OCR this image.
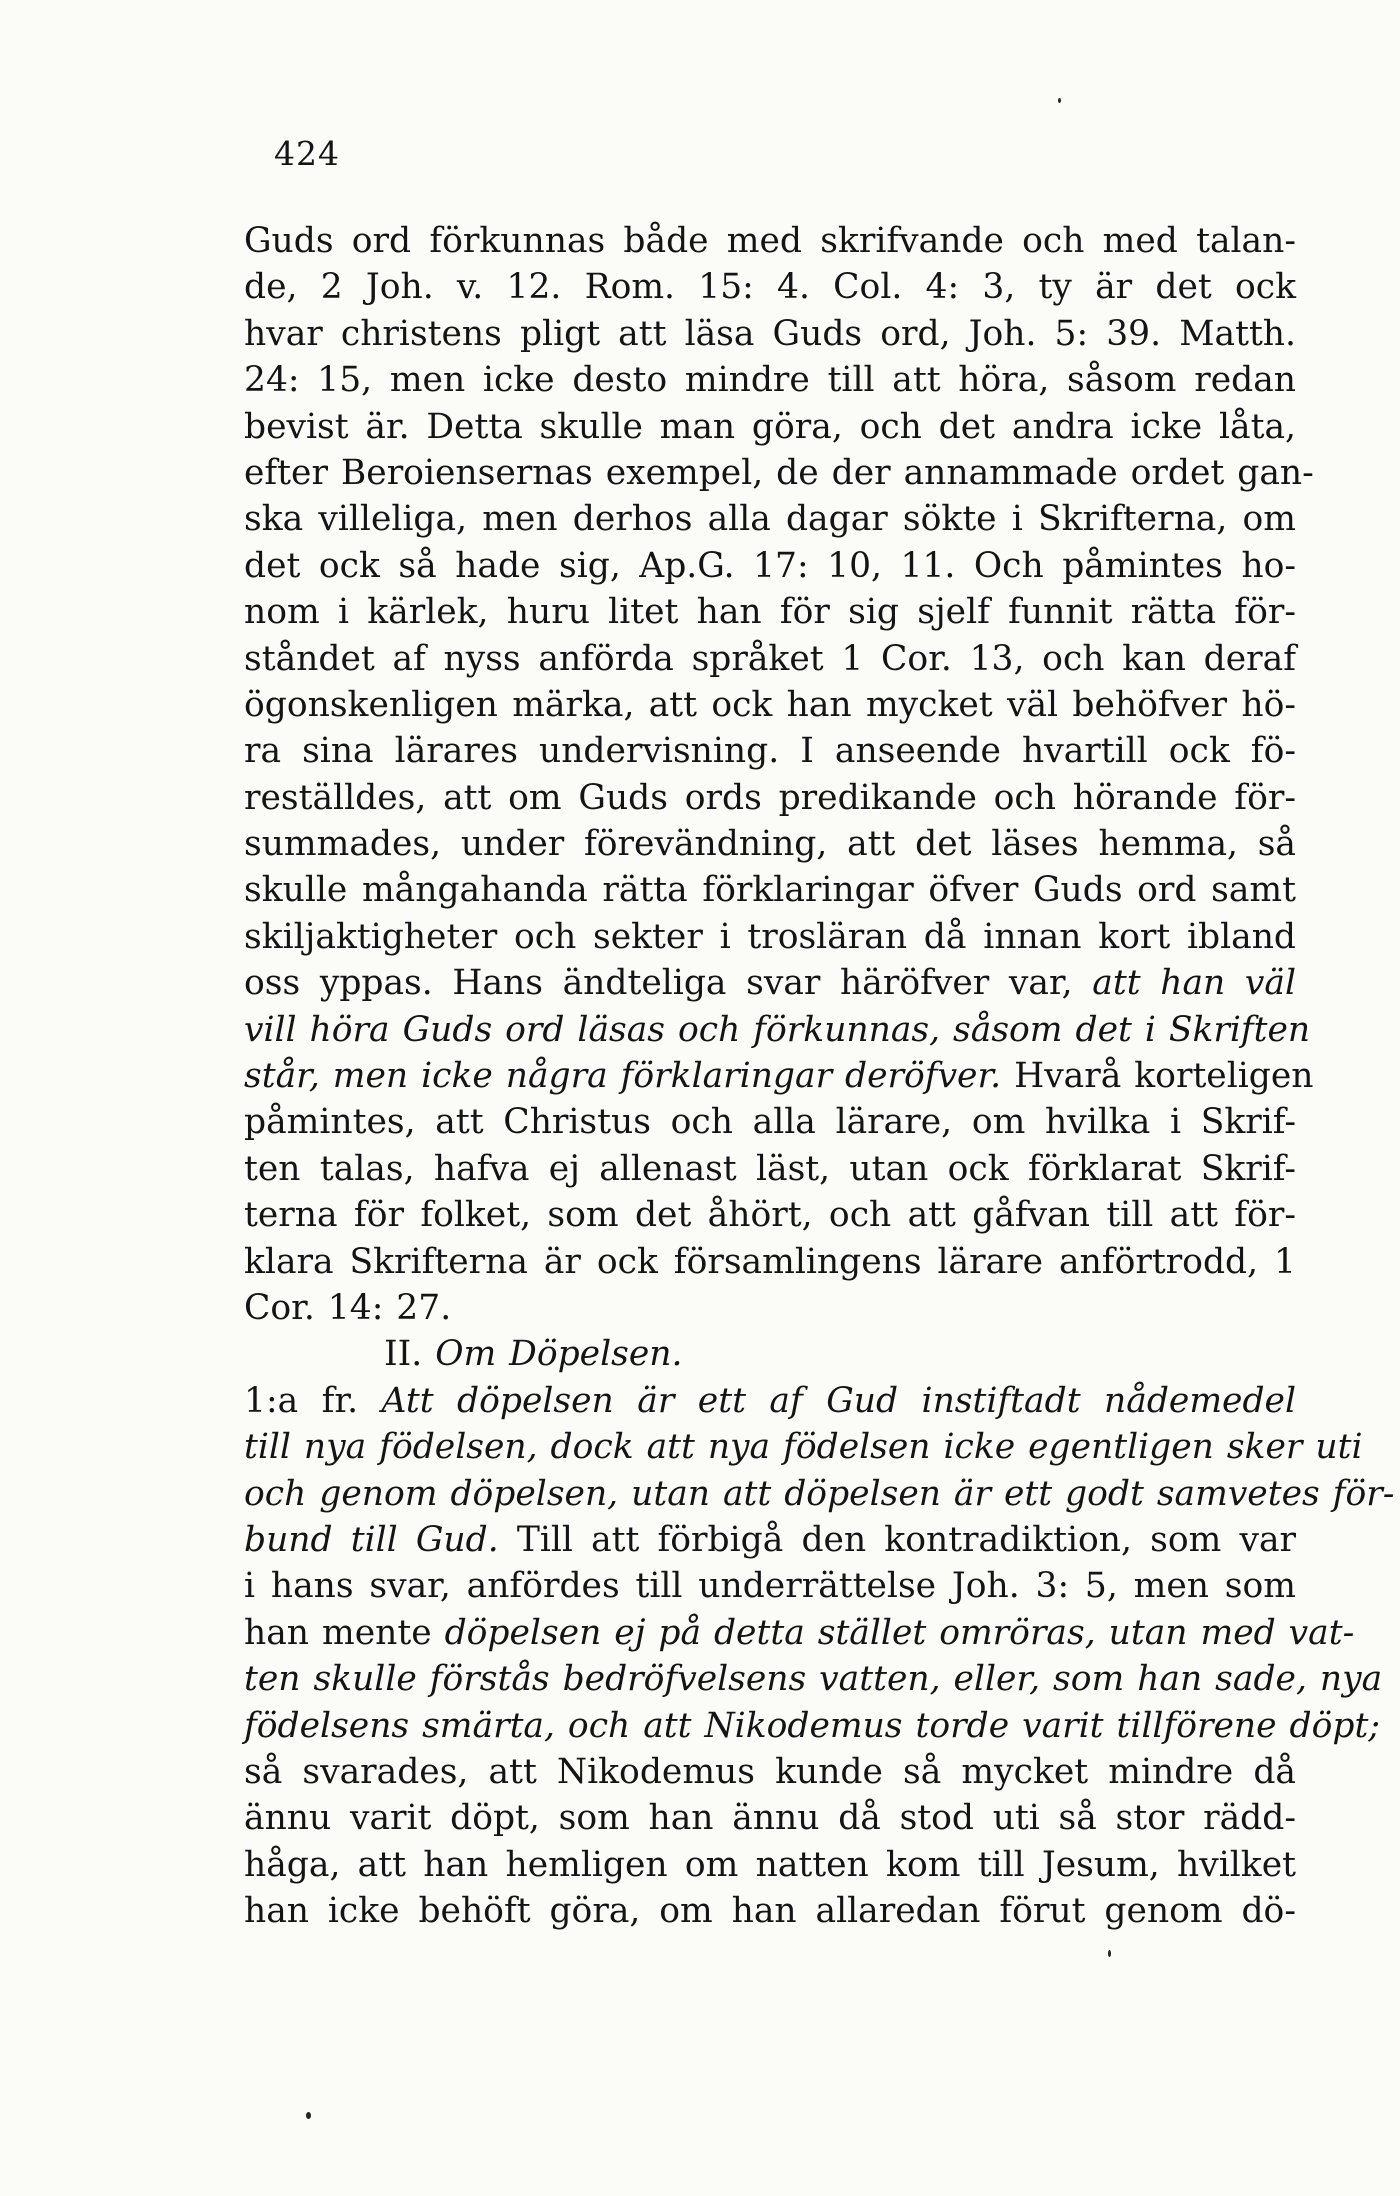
424
Guds ord förkunnas både med skrifvande och med talan-
de, 2 Joh. v. 12. Rom. 15: 4. Col. 4: 3, ty är det ock
hvar christens pligt att läsa Guds ord, Joh. 5: 39. Matth.
24: 15, men icke desto mindre till att höra, såsom redan
bevist är. Detta skulle man göra, och det andra icke låta,
efter Beroiensernas exempel, de der annammade ordet gan-
ska villeliga, men derhos alla dagar sökte i Skrifterna, om
det ock så hade sig, Ap.G. 17: 10, 11. Och påmintes ho-
nom i kärlek, huru litet han för sig sjelf funnit rätta för-
ståndet af nyss anförda språket 1 Cor. 13, och kan deraf
ögonskenligen märka, att ock han mycket väl behöfver hö-
ra sina lärares undervisning. I anseende hvartill ock fö-
reställdes, att om Guds ords predikande och hörande för-
summades, under förevändning, att det läses hemma, så
skulle mångahanda rätta förklaringar öfver Guds ord samt
skiljaktigheter och sekter i trosläran då innan kort ibland
oss yppas. Hans ändteliga svar häröfver var, att han väl
vill höra Guds ord läsas och förkunnas, såsom det i Skriften
står, men icke några förklaringar deröfver. Hvarå korteligen
påmintes, att Christus och alla lärare, om hvilka i Skrif-
ten talas, hafva ej allenast läst, utan ock förklarat Skrif-
terna för folket, som det åhört, och att gåfvan till att för-
klara Skrifterna är ock församlingens lärare anförtrodd, 1
Cor. 14: 27.
II. Om Döpelsen.
1:a fr. Att döpelsen är ett af Gud instiftadt nådemedel
till nya födelsen, dock att nya födelsen icke egentligen sker uti
och genom döpelsen, utan att döpelsen är ett godt samvetes för-
bund till Gud. Till att förbigå den kontradiktion, som var
i hans svar, anfördes till underrättelse Joh. 3: 5, men som
han mente döpelsen ej på detta stället omröras, utan med vat-
ten skulle förstås bedröfvelsens vatten, eller, som han sade, nya
födelsens smärta, och att Nikodemus torde varit tillförene döpt;
så svarades, att Nikodemus kunde så mycket mindre då
ännu varit döpt, som han ännu då stod uti så stor rädd-
håga, att han hemligen om natten kom till Jesum, hvilket
han icke behöft göra, om han allaredan förut genom dö-
